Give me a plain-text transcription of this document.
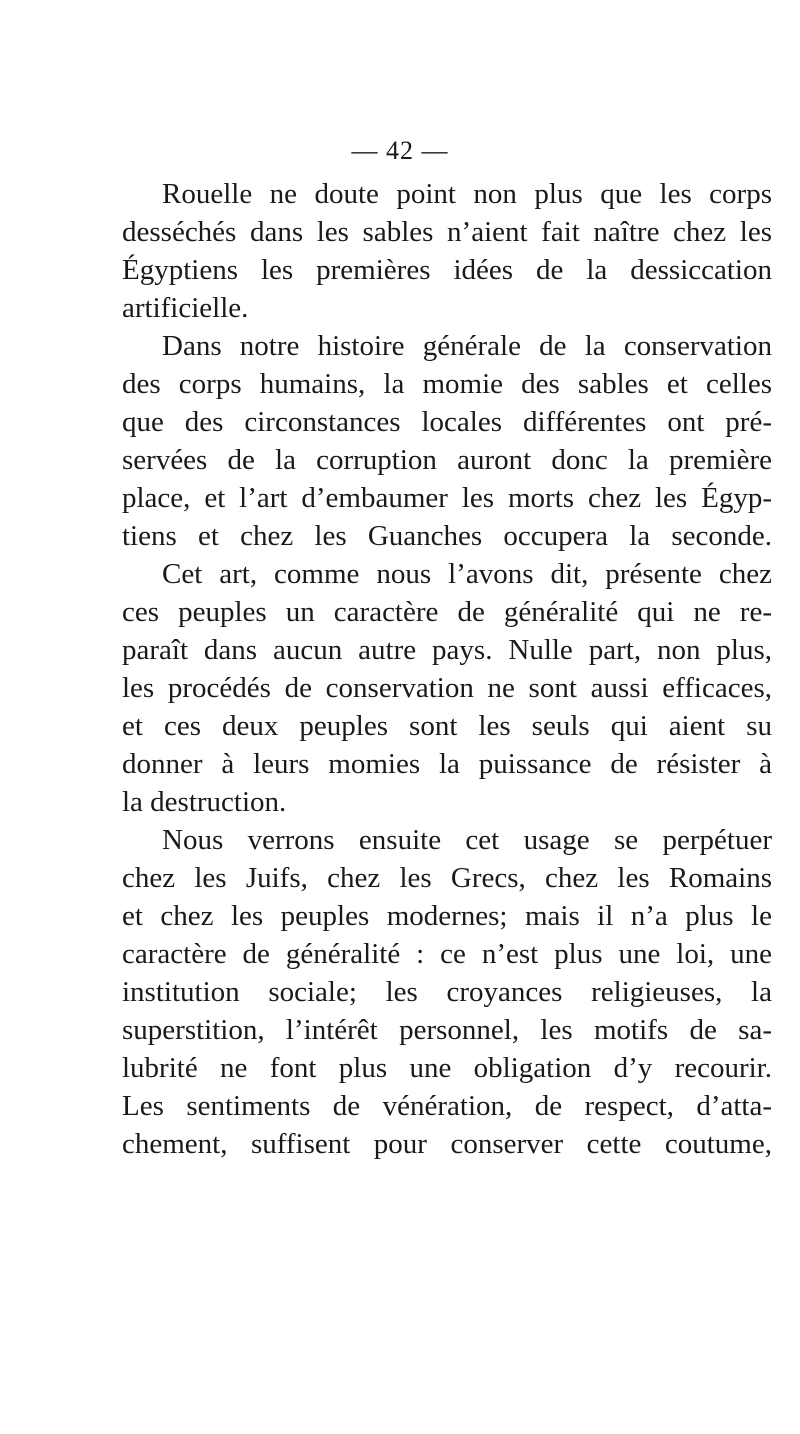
— 42 —
Rouelle ne doute point non plus que les corps
desséchés dans les sables n’aient fait naître chez les
Égyptiens les premières idées de la dessiccation
artificielle.
Dans notre histoire générale de la conservation
des corps humains, la momie des sables et celles
que des circonstances locales différentes ont pré-
servées de la corruption auront donc la première
place, et l’art d’embaumer les morts chez les Égyp-
tiens et chez les Guanches occupera la seconde.
Cet art, comme nous l’avons dit, présente chez
ces peuples un caractère de généralité qui ne re-
paraît dans aucun autre pays. Nulle part, non plus,
les procédés de conservation ne sont aussi efficaces,
et ces deux peuples sont les seuls qui aient su
donner à leurs momies la puissance de résister à
la destruction.
Nous verrons ensuite cet usage se perpétuer
chez les Juifs, chez les Grecs, chez les Romains
et chez les peuples modernes; mais il n’a plus le
caractère de généralité : ce n’est plus une loi, une
institution sociale; les croyances religieuses, la
superstition, l’intérêt personnel, les motifs de sa-
lubrité ne font plus une obligation d’y recourir.
Les sentiments de vénération, de respect, d’atta-
chement, suffisent pour conserver cette coutume,
